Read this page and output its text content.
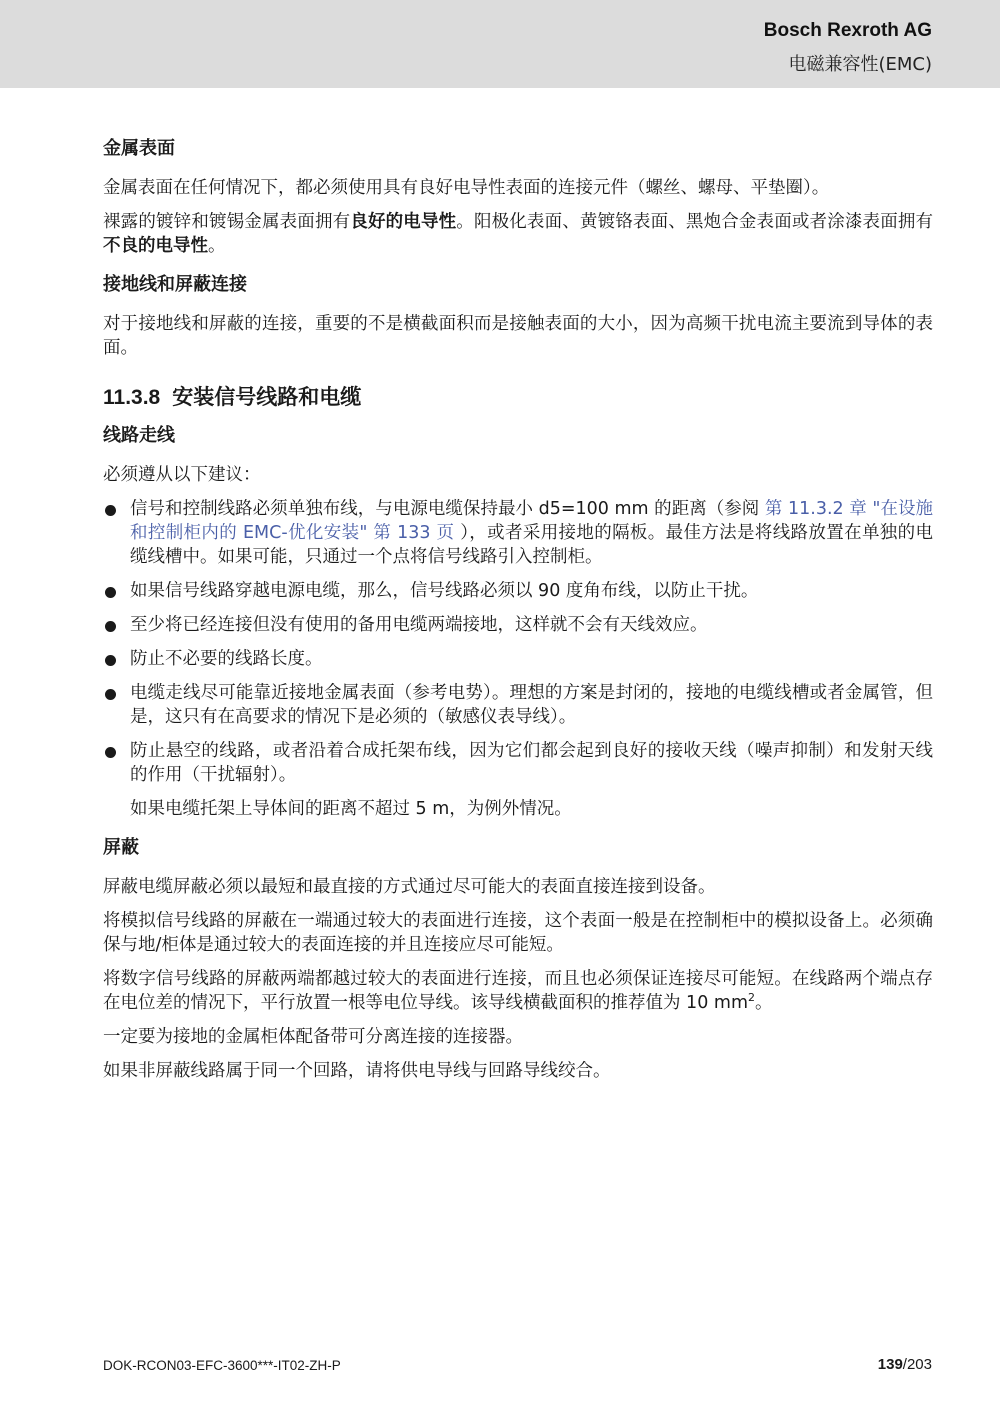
Bosch Rexroth AG
电磁兼容性(EMC)
金属表面

金属表面在任何情况下，都必须使用具有良好电导性表面的连接元件（螺丝、螺母、平垫圈）。

裸露的镀锌和镀锡金属表面拥有良好的电导性。阳极化表面、黄镀铬表面、黑炮合金表面或者涂漆表面拥有不良的电导性。

接地线和屏蔽连接

对于接地线和屏蔽的连接，重要的不是横截面积而是接触表面的大小，因为高频干扰电流主要流到导体的表面。

11.3.8 安装信号线路和电缆
线路走线

必须遵从以下建议：

信号和控制线路必须单独布线，与电源电缆保持最小 d5=100 mm 的距离（参阅 第 11.3.2 章 "在设施和控制柜内的 EMC-优化安装" 第 133 页 ），或者采用接地的隔板。最佳方法是将线路放置在单独的电缆线槽中。如果可能，只通过一个点将信号线路引入控制柜。
如果信号线路穿越电源电缆，那么，信号线路必须以 90 度角布线，以防止干扰。
至少将已经连接但没有使用的备用电缆两端接地，这样就不会有天线效应。
防止不必要的线路长度。
电缆走线尽可能靠近接地金属表面（参考电势）。理想的方案是封闭的，接地的电缆线槽或者金属管，但是，这只有在高要求的情况下是必须的（敏感仪表导线）。
防止悬空的线路，或者沿着合成托架布线，因为它们都会起到良好的接收天线（噪声抑制）和发射天线的作用（干扰辐射）。

如果电缆托架上导体间的距离不超过 5 m，为例外情况。

屏蔽

屏蔽电缆屏蔽必须以最短和最直接的方式通过尽可能大的表面直接连接到设备。

将模拟信号线路的屏蔽在一端通过较大的表面进行连接，这个表面一般是在控制柜中的模拟设备上。必须确保与地/柜体是通过较大的表面连接的并且连接应尽可能短。

将数字信号线路的屏蔽两端都越过较大的表面进行连接，而且也必须保证连接尽可能短。在线路两个端点存在电位差的情况下，平行放置一根等电位导线。该导线横截面积的推荐值为 10 $mm^2$。

一定要为接地的金属柜体配备带可分离连接的连接器。

如果非屏蔽线路属于同一个回路，请将供电导线与回路导线绞合。

DOK-RCON03-EFC-3600***-IT02-ZH-P	139/203
